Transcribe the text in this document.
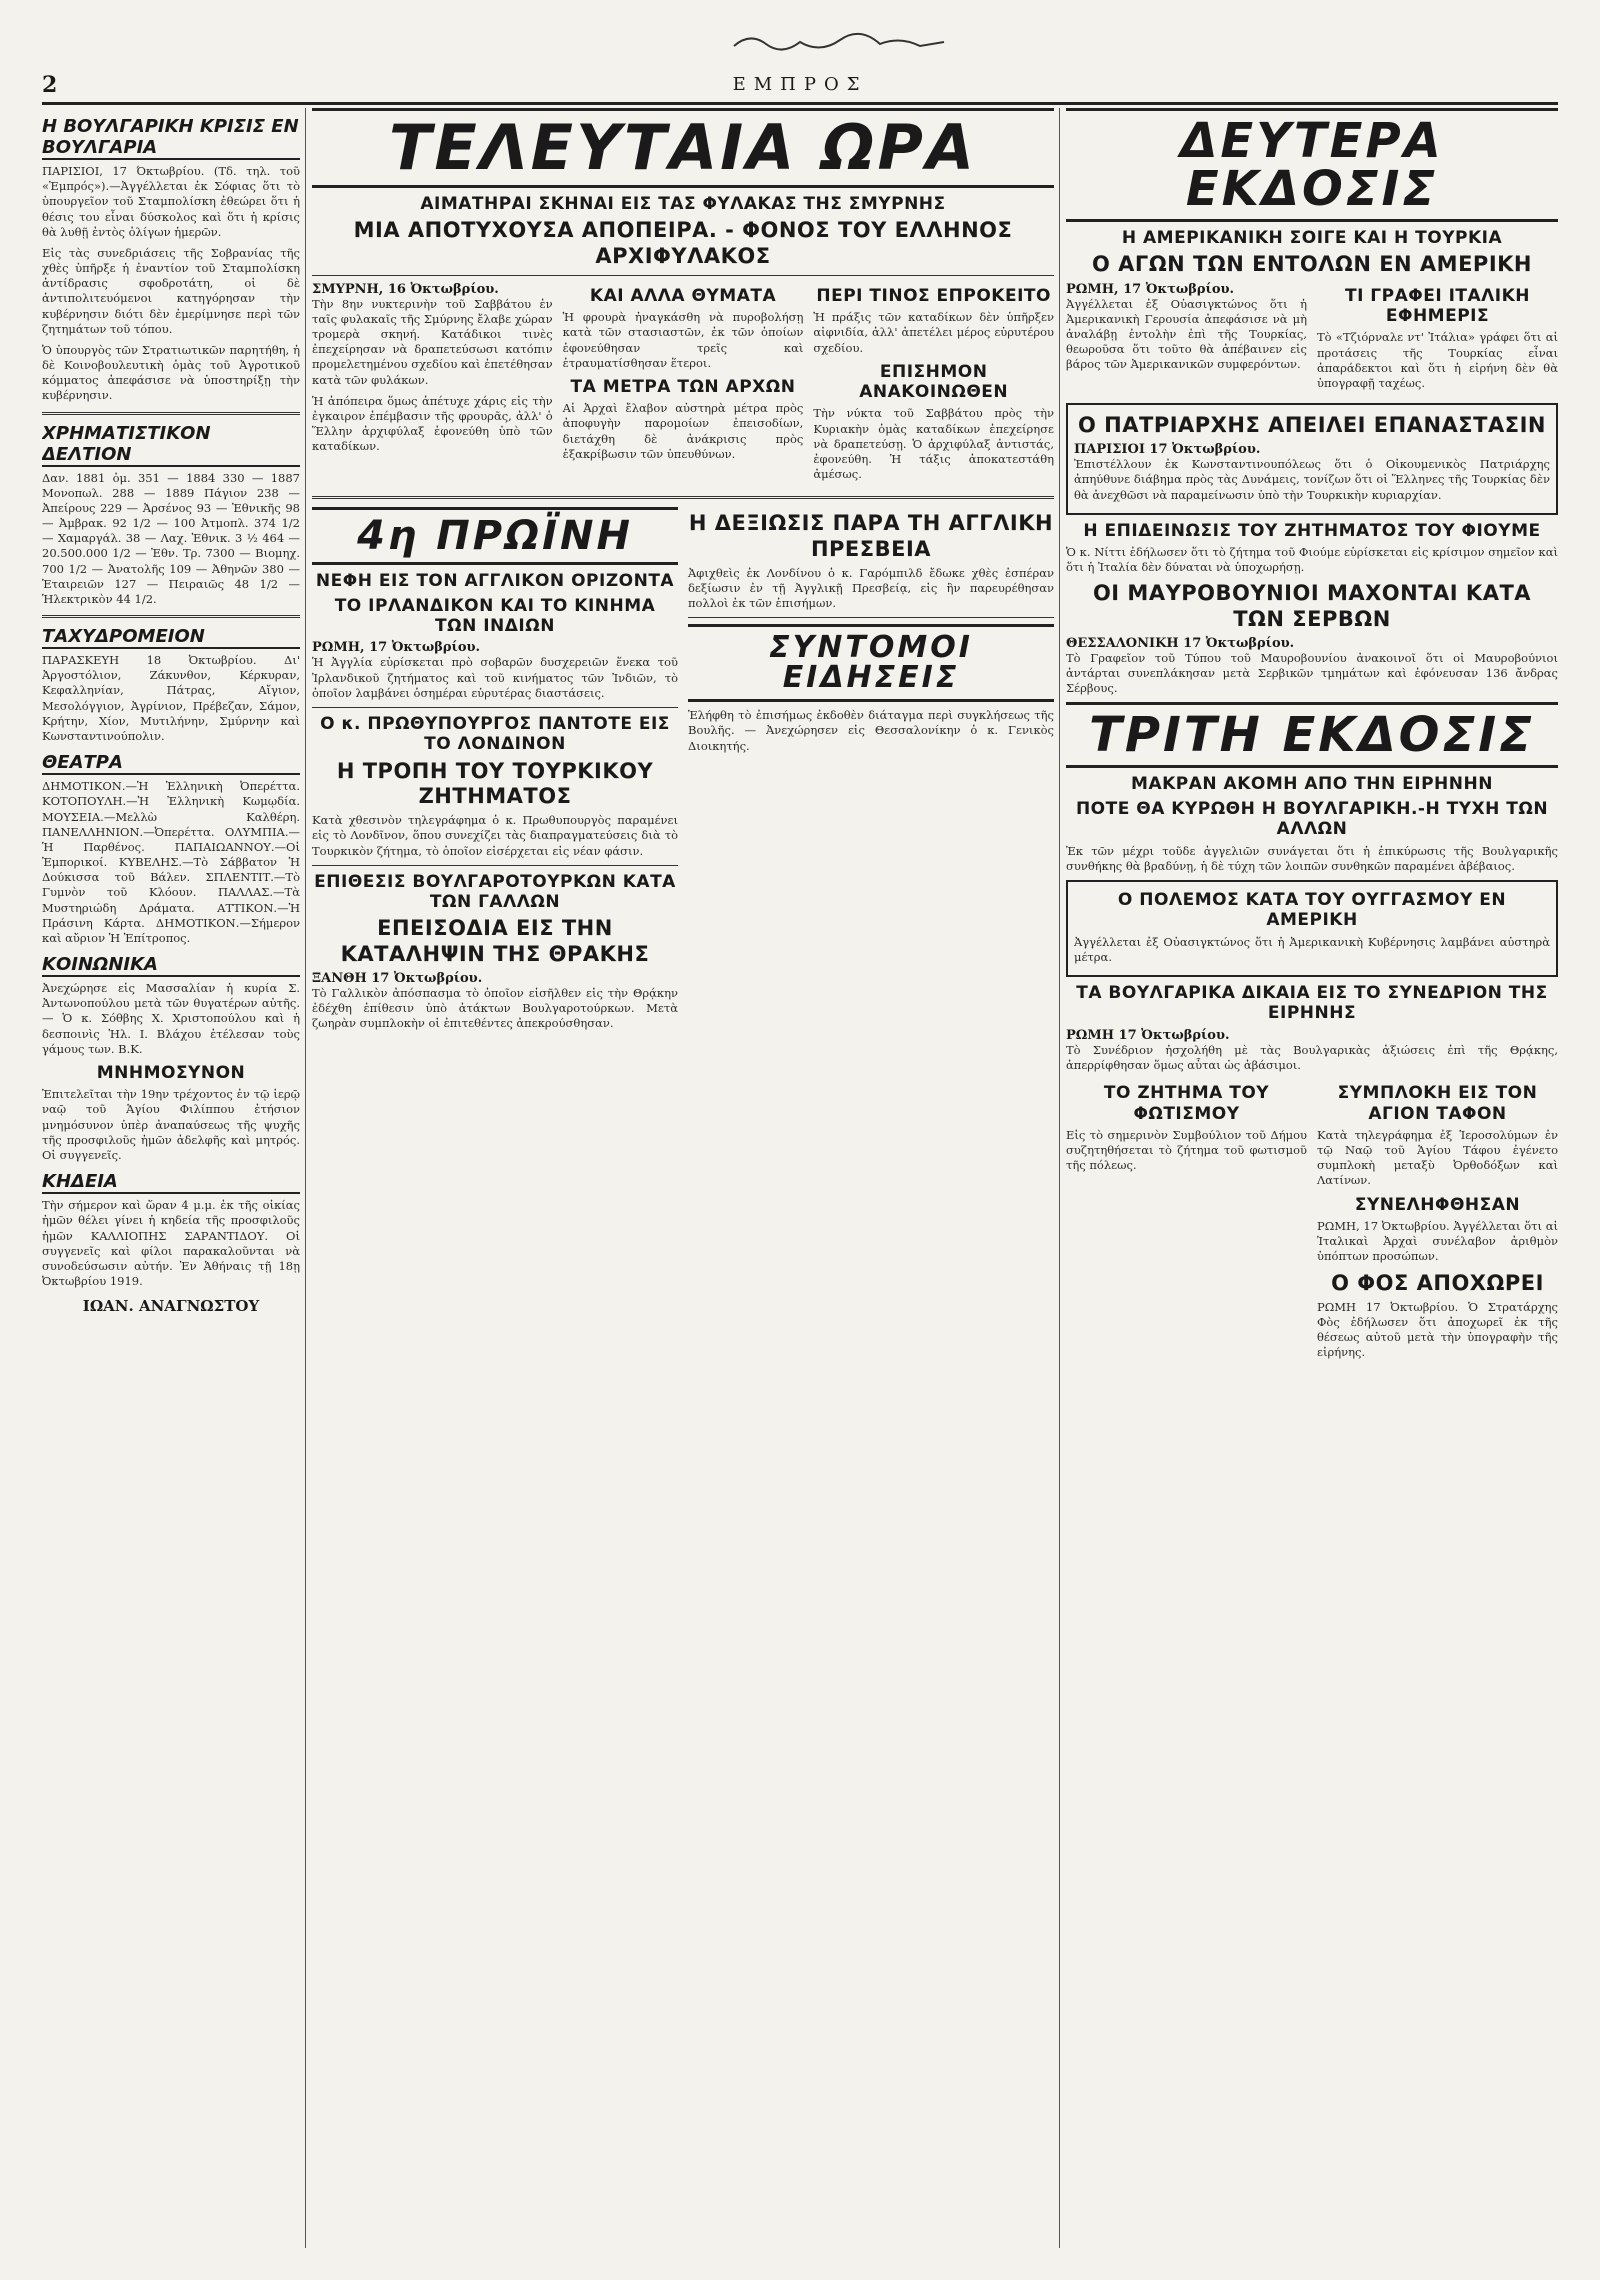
2	ΕΜΠΡΟΣ
Η ΒΟΥΛΓΑΡΙΚΗ ΚΡΙΣΙΣ ΕΝ ΒΟΥΛΓΑΡΙΑ

ΠΑΡΙΣΙΟΙ, 17 Όκτωβρίου. (Τδ. τηλ. τοῦ «Ἐμπρός»).—Ἀγγέλλεται ἐκ Σόφιας ὅτι τὸ ὑπουργεῖον τοῦ Σταμπολίσκη ἐθεώρει ὅτι ἡ θέσις του εἶναι δύσκολος καὶ ὅτι ἡ κρίσις θὰ λυθῇ ἐντὸς ὀλίγων ἡμερῶν.

Εἰς τὰς συνεδριάσεις τῆς Σοβρανίας τῆς χθὲς ὑπῆρξε ἡ ἐναντίον τοῦ Σταμπολίσκη ἀντίδρασις σφοδροτάτη, οἱ δὲ ἀντιπολιτευόμενοι κατηγόρησαν τὴν κυβέρνησιν διότι δὲν ἐμερίμνησε περὶ τῶν ζητημάτων τοῦ τόπου.

Ὁ ὑπουργὸς τῶν Στρατιωτικῶν παρητήθη, ἡ δὲ Κοινοβουλευτικὴ ὁμὰς τοῦ Ἀγροτικοῦ κόμματος ἀπεφάσισε νὰ ὑποστηρίξῃ τὴν κυβέρνησιν.

ΧΡΗΜΑΤΙΣΤΙΚΟΝ ΔΕΛΤΙΟΝ

Δαν. 1881 ὀμ. 351 — 1884 330 — 1887 Μονοπωλ. 288 — 1889 Πάγιον 238 — Ἀπείρους 229 — Ἀρσένος 93 — Ἐθνικῆς 98 — Ἀμβρακ. 92 1/2 — 100 Ἀτμοπλ. 374 1/2 — Χαμαργάλ. 38 — Λαχ. Ἐθνικ. 3 ½ 464 — 20.500.000 1/2 — Ἐθν. Τρ. 7300 — Βιομηχ. 700 1/2 — Ἀνατολῆς 109 — Ἀθηνῶν 380 — Ἑταιρειῶν 127 — Πειραιῶς 48 1/2 — Ἡλεκτρικὸν 44 1/2.

ΤΑΧΥΔΡΟΜΕΙΟΝ

ΠΑΡΑΣΚΕΥΗ 18 Ὀκτωβρίου. Δι' Ἀργοστόλιον, Ζάκυνθον, Κέρκυραν, Κεφαλληνίαν, Πάτρας, Αἴγιον, Μεσολόγγιον, Ἀγρίνιον, Πρέβεζαν, Σάμον, Κρήτην, Χίον, Μυτιλήνην, Σμύρνην καὶ Κωνσταντινούπολιν.

ΘΕΑΤΡΑ

ΔΗΜΟΤΙΚΟΝ.—Ἡ Ἑλληνικὴ Ὀπερέττα. ΚΟΤΟΠΟΥΛΗ.—Ἡ Ἐλληνικὴ Κωμῳδία. ΜΟΥΣΕΙΑ.—Μελλὼ Καλθέρη. ΠΑΝΕΛΛΗΝΙΟΝ.—Ὀπερέττα. ΟΛΥΜΠΙΑ.—Ἡ Παρθένος. ΠΑΠΑΙΩΑΝΝΟΥ.—Οἱ Ἐμπορικοί. ΚΥΒΕΛΗΣ.—Τὸ Σάββατον Ἡ Δούκισσα τοῦ Βάλεν. ΣΠΛΕΝΤΙΤ.—Τὸ Γυμνὸν τοῦ Κλόουν. ΠΑΛΛΑΣ.—Τὰ Μυστηριώδη Δράματα. ΑΤΤΙΚΟΝ.—Ἡ Πράσινη Κάρτα. ΔΗΜΟΤΙΚΟΝ.—Σήμερον καὶ αὔριον Ἡ Ἐπίτροπος.

ΚΟΙΝΩΝΙΚΑ

Ἀνεχώρησε εἰς Μασσαλίαν ἡ κυρία Σ. Ἀντωνοπούλου μετὰ τῶν θυγατέρων αὐτῆς. — Ὁ κ. Σόθβης Χ. Χριστοπούλου καὶ ἡ δεσποινὶς Ἡλ. Ι. Βλάχου ἐτέλεσαν τοὺς γάμους των. Β.Κ.

ΜΝΗΜΟΣΥΝΟΝ

Ἐπιτελεῖται τὴν 19ην τρέχοντος ἐν τῷ ἱερῷ ναῷ τοῦ Ἁγίου Φιλίππου ἐτήσιον μνημόσυνον ὑπὲρ ἀναπαύσεως τῆς ψυχῆς τῆς προσφιλοῦς ἡμῶν ἀδελφῆς καὶ μητρός. Οἱ συγγενεῖς.

ΚΗΔΕΙΑ

Τὴν σήμερον καὶ ὥραν 4 μ.μ. ἐκ τῆς οἰκίας ἡμῶν θέλει γίνει ἡ κηδεία τῆς προσφιλοῦς ἡμῶν ΚΑΛΛΙΟΠΗΣ ΣΑΡΑΝΤΙΔΟΥ. Οἱ συγγενεῖς καὶ φίλοι παρακαλοῦνται νὰ συνοδεύσωσιν αὐτήν. Ἐν Ἀθήναις τῇ 18ῃ Ὀκτωβρίου 1919.

ΙΩΑΝ. ΑΝΑΓΝΩΣΤΟΥ
ΤΕΛΕΥΤΑΙΑ ΩΡΑ
ΑΙΜΑΤΗΡΑΙ ΣΚΗΝΑΙ ΕΙΣ ΤΑΣ ΦΥΛΑΚΑΣ ΤΗΣ ΣΜΥΡΝΗΣ
ΜΙΑ ΑΠΟΤΥΧΟΥΣΑ ΑΠΟΠΕΙΡΑ. - ΦΟΝΟΣ ΤΟΥ ΕΛΛΗΝΟΣ ΑΡΧΙΦΥΛΑΚΟΣ
ΣΜΥΡΝΗ, 16 Ὀκτωβρίου.

Τὴν 8ην νυκτερινὴν τοῦ Σαββάτου ἐν ταῖς φυλακαῖς τῆς Σμύρνης ἔλαβε χώραν τρομερὰ σκηνή. Κατάδικοι τινὲς ἐπεχείρησαν νὰ δραπετεύσωσι κατόπιν προμελετημένου σχεδίου καὶ ἐπετέθησαν κατὰ τῶν φυλάκων.

Ἡ ἀπόπειρα ὅμως ἀπέτυχε χάρις εἰς τὴν ἐγκαιρον ἐπέμβασιν τῆς φρουρᾶς, ἀλλ' ὁ Ἕλλην ἀρχιφύλαξ ἐφονεύθη ὑπὸ τῶν καταδίκων.

ΚΑΙ ΑΛΛΑ ΘΥΜΑΤΑ

Ἡ φρουρὰ ἠναγκάσθη νὰ πυροβολήσῃ κατὰ τῶν στασιαστῶν, ἐκ τῶν ὁποίων ἐφονεύθησαν τρεῖς καὶ ἐτραυματίσθησαν ἕτεροι.

ΤΑ ΜΕΤΡΑ ΤΩΝ ΑΡΧΩΝ

Αἱ Ἀρχαὶ ἔλαβον αὐστηρὰ μέτρα πρὸς ἀποφυγὴν παρομοίων ἐπεισοδίων, διετάχθη δὲ ἀνάκρισις πρὸς ἐξακρίβωσιν τῶν ὑπευθύνων.

ΠΕΡΙ ΤΙΝΟΣ ΕΠΡΟΚΕΙΤΟ

Ἡ πράξις τῶν καταδίκων δὲν ὑπῆρξεν αἰφνιδία, ἀλλ' ἀπετέλει μέρος εὐρυτέρου σχεδίου.

ΕΠΙΣΗΜΟΝ ΑΝΑΚΟΙΝΩΘΕΝ

Τὴν νύκτα τοῦ Σαββάτου πρὸς τὴν Κυριακὴν ὁμὰς καταδίκων ἐπεχείρησε νὰ δραπετεύσῃ. Ὁ ἀρχιφύλαξ ἀντιστάς, ἐφονεύθη. Ἡ τάξις ἀποκατεστάθη ἀμέσως.

4η ΠΡΩΪΝΗ
ΝΕΦΗ ΕΙΣ ΤΟΝ ΑΓΓΛΙΚΟΝ ΟΡΙΖΟΝΤΑ
ΤΟ ΙΡΛΑΝΔΙΚΟΝ ΚΑΙ ΤΟ ΚΙΝΗΜΑ ΤΩΝ ΙΝΔΙΩΝ
ΡΩΜΗ, 17 Ὀκτωβρίου.

Ἡ Ἀγγλία εὑρίσκεται πρὸ σοβαρῶν δυσχερειῶν ἕνεκα τοῦ Ἰρλανδικοῦ ζητήματος καὶ τοῦ κινήματος τῶν Ἰνδιῶν, τὸ ὁποῖον λαμβάνει ὁσημέραι εὐρυτέρας διαστάσεις.

Ο κ. ΠΡΩΘΥΠΟΥΡΓΟΣ ΠΑΝΤΟΤΕ ΕΙΣ ΤΟ ΛΟΝΔΙΝΟΝ
Η ΤΡΟΠΗ ΤΟΥ ΤΟΥΡΚΙΚΟΥ ΖΗΤΗΜΑΤΟΣ

Κατὰ χθεσινὸν τηλεγράφημα ὁ κ. Πρωθυπουργὸς παραμένει εἰς τὸ Λονδῖνον, ὅπου συνεχίζει τὰς διαπραγματεύσεις διὰ τὸ Τουρκικὸν ζήτημα, τὸ ὁποῖον εἰσέρχεται εἰς νέαν φάσιν.

ΕΠΙΘΕΣΙΣ ΒΟΥΛΓΑΡΟΤΟΥΡΚΩΝ ΚΑΤΑ ΤΩΝ ΓΑΛΛΩΝ
ΕΠΕΙΣΟΔΙΑ ΕΙΣ ΤΗΝ ΚΑΤΑΛΗΨΙΝ ΤΗΣ ΘΡΑΚΗΣ
ΞΑΝΘΗ 17 Ὀκτωβρίου.

Τὸ Γαλλικὸν ἀπόσπασμα τὸ ὁποῖον εἰσῆλθεν εἰς τὴν Θρᾴκην ἐδέχθη ἐπίθεσιν ὑπὸ ἀτάκτων Βουλγαροτούρκων. Μετὰ ζωηρὰν συμπλοκὴν οἱ ἐπιτεθέντες ἀπεκρούσθησαν.

Η ΔΕΞΙΩΣΙΣ ΠΑΡΑ ΤΗ ΑΓΓΛΙΚΗ ΠΡΕΣΒΕΙΑ

Ἀφιχθεὶς ἐκ Λονδίνου ὁ κ. Γαρόμπιλδ ἔδωκε χθὲς ἐσπέραν δεξίωσιν ἐν τῇ Ἀγγλικῇ Πρεσβείᾳ, εἰς ἣν παρευρέθησαν πολλοὶ ἐκ τῶν ἐπισήμων.

ΣΥΝΤΟΜΟΙ ΕΙΔΗΣΕΙΣ

Ἐλήφθη τὸ ἐπισήμως ἐκδοθὲν διάταγμα περὶ συγκλήσεως τῆς Βουλῆς. — Ἀνεχώρησεν εἰς Θεσσαλονίκην ὁ κ. Γενικὸς Διοικητής.

ΔΕΥΤΕΡΑ ΕΚΔΟΣΙΣ
Η ΑΜΕΡΙΚΑΝΙΚΗ ΣΟΙΓΕ ΚΑΙ Η ΤΟΥΡΚΙΑ
Ο ΑΓΩΝ ΤΩΝ ΕΝΤΟΛΩΝ ΕΝ ΑΜΕΡΙΚΗ
ΡΩΜΗ, 17 Ὀκτωβρίου.

Ἀγγέλλεται ἐξ Οὐασιγκτώνος ὅτι ἡ Ἀμερικανικὴ Γερουσία ἀπεφάσισε νὰ μὴ ἀναλάβῃ ἐντολὴν ἐπὶ τῆς Τουρκίας, θεωροῦσα ὅτι τοῦτο θὰ ἀπέβαινεν εἰς βάρος τῶν Ἀμερικανικῶν συμφερόντων.

ΤΙ ΓΡΑΦΕΙ ΙΤΑΛΙΚΗ ΕΦΗΜΕΡΙΣ

Τὸ «Τζιόρναλε ντ' Ἰτάλια» γράφει ὅτι αἱ προτάσεις τῆς Τουρκίας εἶναι ἀπαράδεκτοι καὶ ὅτι ἡ εἰρήνη δὲν θὰ ὑπογραφῇ ταχέως.

Ο ΠΑΤΡΙΑΡΧΗΣ ΑΠΕΙΛΕΙ ΕΠΑΝΑΣΤΑΣΙΝ
ΠΑΡΙΣΙΟΙ 17 Ὀκτωβρίου.

Ἐπιστέλλουν ἐκ Κωνσταντινουπόλεως ὅτι ὁ Οἰκουμενικὸς Πατριάρχης ἀπηύθυνε διάβημα πρὸς τὰς Δυνάμεις, τονίζων ὅτι οἱ Ἕλληνες τῆς Τουρκίας δὲν θὰ ἀνεχθῶσι νὰ παραμείνωσιν ὑπὸ τὴν Τουρκικὴν κυριαρχίαν.

Η ΕΠΙΔΕΙΝΩΣΙΣ ΤΟΥ ΖΗΤΗΜΑΤΟΣ ΤΟΥ ΦΙΟΥΜΕ

Ὁ κ. Νίττι ἐδήλωσεν ὅτι τὸ ζήτημα τοῦ Φιούμε εὑρίσκεται εἰς κρίσιμον σημεῖον καὶ ὅτι ἡ Ἰταλία δὲν δύναται νὰ ὑποχωρήσῃ.

ΟΙ ΜΑΥΡΟΒΟΥΝΙΟΙ ΜΑΧΟΝΤΑΙ ΚΑΤΑ ΤΩΝ ΣΕΡΒΩΝ
ΘΕΣΣΑΛΟΝΙΚΗ 17 Ὀκτωβρίου.

Τὸ Γραφεῖον τοῦ Τύπου τοῦ Μαυροβουνίου ἀνακοινοῖ ὅτι οἱ Μαυροβούνιοι ἀντάρται συνεπλάκησαν μετὰ Σερβικῶν τμημάτων καὶ ἐφόνευσαν 136 ἄνδρας Σέρβους.

ΤΡΙΤΗ ΕΚΔΟΣΙΣ
ΜΑΚΡΑΝ ΑΚΟΜΗ ΑΠΟ ΤΗΝ ΕΙΡΗΝΗΝ
ΠΟΤΕ ΘΑ ΚΥΡΩΘΗ Η ΒΟΥΛΓΑΡΙΚΗ.-Η ΤΥΧΗ ΤΩΝ ΑΛΛΩΝ

Ἐκ τῶν μέχρι τοῦδε ἀγγελιῶν συνάγεται ὅτι ἡ ἐπικύρωσις τῆς Βουλγαρικῆς συνθήκης θὰ βραδύνῃ, ἡ δὲ τύχη τῶν λοιπῶν συνθηκῶν παραμένει ἀβέβαιος.

Ο ΠΟΛΕΜΟΣ ΚΑΤΑ ΤΟΥ ΟΥΓΓΑΣΜΟΥ ΕΝ ΑΜΕΡΙΚΗ

Ἀγγέλλεται ἐξ Οὐασιγκτώνος ὅτι ἡ Ἀμερικανικὴ Κυβέρνησις λαμβάνει αὐστηρὰ μέτρα.

ΤΑ ΒΟΥΛΓΑΡΙΚΑ ΔΙΚΑΙΑ ΕΙΣ ΤΟ ΣΥΝΕΔΡΙΟΝ ΤΗΣ ΕΙΡΗΝΗΣ
ΡΩΜΗ 17 Ὀκτωβρίου.

Τὸ Συνέδριον ἠσχολήθη μὲ τὰς Βουλγαρικὰς ἀξιώσεις ἐπὶ τῆς Θρᾴκης, ἀπερρίφθησαν ὅμως αὗται ὡς ἀβάσιμοι.

ΤΟ ΖΗΤΗΜΑ ΤΟΥ ΦΩΤΙΣΜΟΥ

Εἰς τὸ σημερινὸν Συμβούλιον τοῦ Δήμου συζητηθήσεται τὸ ζήτημα τοῦ φωτισμοῦ τῆς πόλεως.

ΣΥΜΠΛΟΚΗ ΕΙΣ ΤΟΝ ΑΓΙΟΝ ΤΑΦΟΝ

Κατὰ τηλεγράφημα ἐξ Ἱεροσολύμων ἐν τῷ Ναῷ τοῦ Ἁγίου Τάφου ἐγένετο συμπλοκὴ μεταξὺ Ὀρθοδόξων καὶ Λατίνων.

ΣΥΝΕΛΗΦΘΗΣΑΝ

ΡΩΜΗ, 17 Ὀκτωβρίου. Ἀγγέλλεται ὅτι αἱ Ἰταλικαὶ Ἀρχαὶ συνέλαβον ἀριθμὸν ὑπόπτων προσώπων.

Ο ΦΟΣ ΑΠΟΧΩΡΕΙ

ΡΩΜΗ 17 Ὀκτωβρίου. Ὁ Στρατάρχης Φὸς ἐδήλωσεν ὅτι ἀποχωρεῖ ἐκ τῆς θέσεως αὐτοῦ μετὰ τὴν ὑπογραφὴν τῆς εἰρήνης.
